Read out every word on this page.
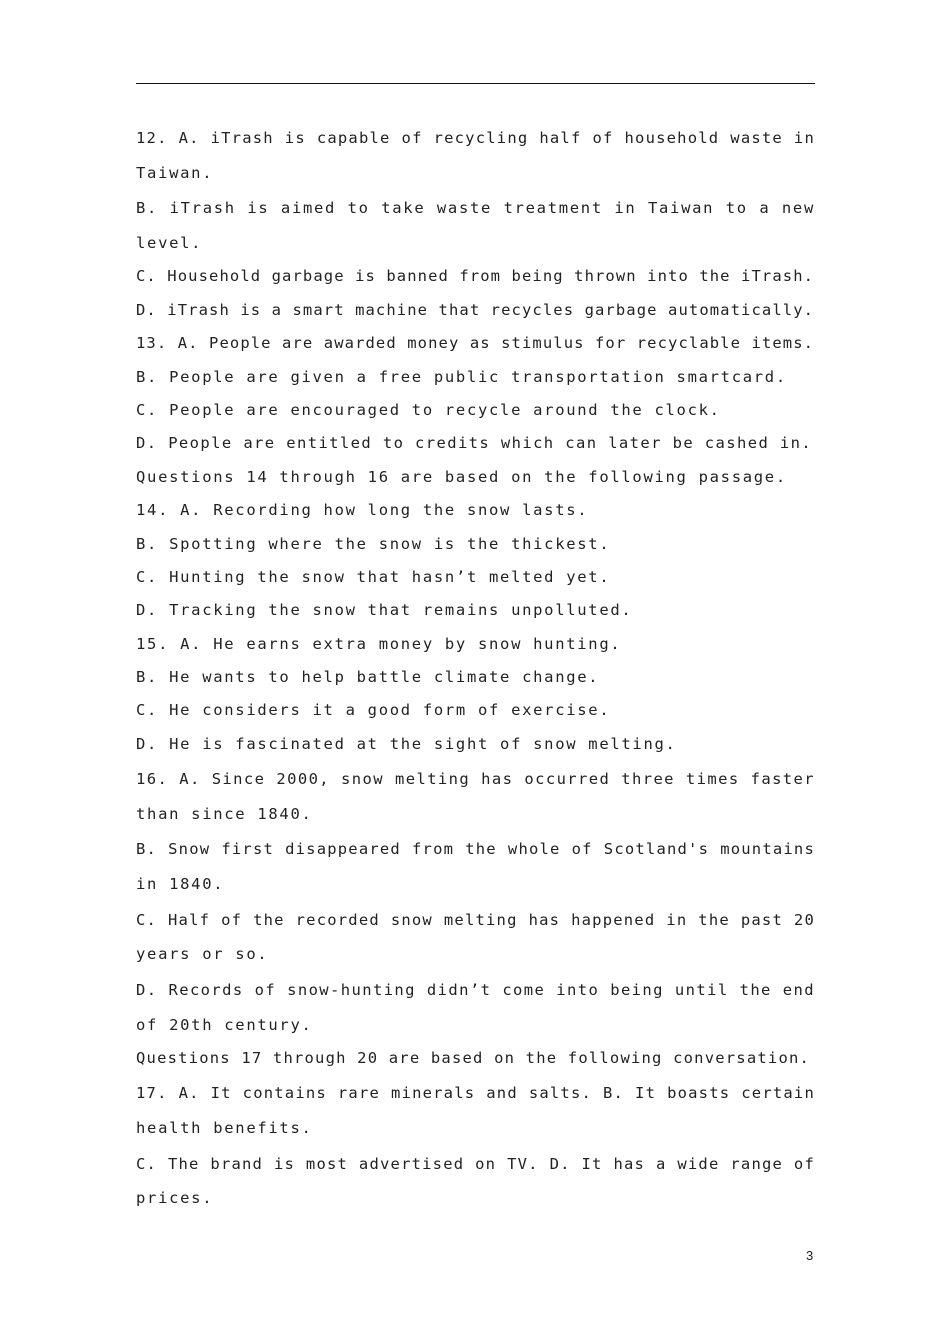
12. A. iTrash is capable of recycling half of household waste in
Taiwan.
B. iTrash is aimed to take waste treatment in Taiwan to a new
level.
C. Household garbage is banned from being thrown into the iTrash.
D. iTrash is a smart machine that recycles garbage automatically.
13. A. People are awarded money as stimulus for recyclable items.
B. People are given a free public transportation smartcard.
C. People are encouraged to recycle around the clock.
D. People are entitled to credits which can later be cashed in.
Questions 14 through 16 are based on the following passage.
14. A. Recording how long the snow lasts.
B. Spotting where the snow is the thickest.
C. Hunting the snow that hasn’t melted yet.
D. Tracking the snow that remains unpolluted.
15. A. He earns extra money by snow hunting.
B. He wants to help battle climate change.
C. He considers it a good form of exercise.
D. He is fascinated at the sight of snow melting.
16. A. Since 2000, snow melting has occurred three times faster
than since 1840.
B. Snow first disappeared from the whole of Scotland's mountains
in 1840.
C. Half of the recorded snow melting has happened in the past 20
years or so.
D. Records of snow-hunting didn’t come into being until the end
of 20th century.
Questions 17 through 20 are based on the following conversation.
17. A. It contains rare minerals and salts. B. It boasts certain
health benefits.
C. The brand is most advertised on TV. D. It has a wide range of
prices.
3
